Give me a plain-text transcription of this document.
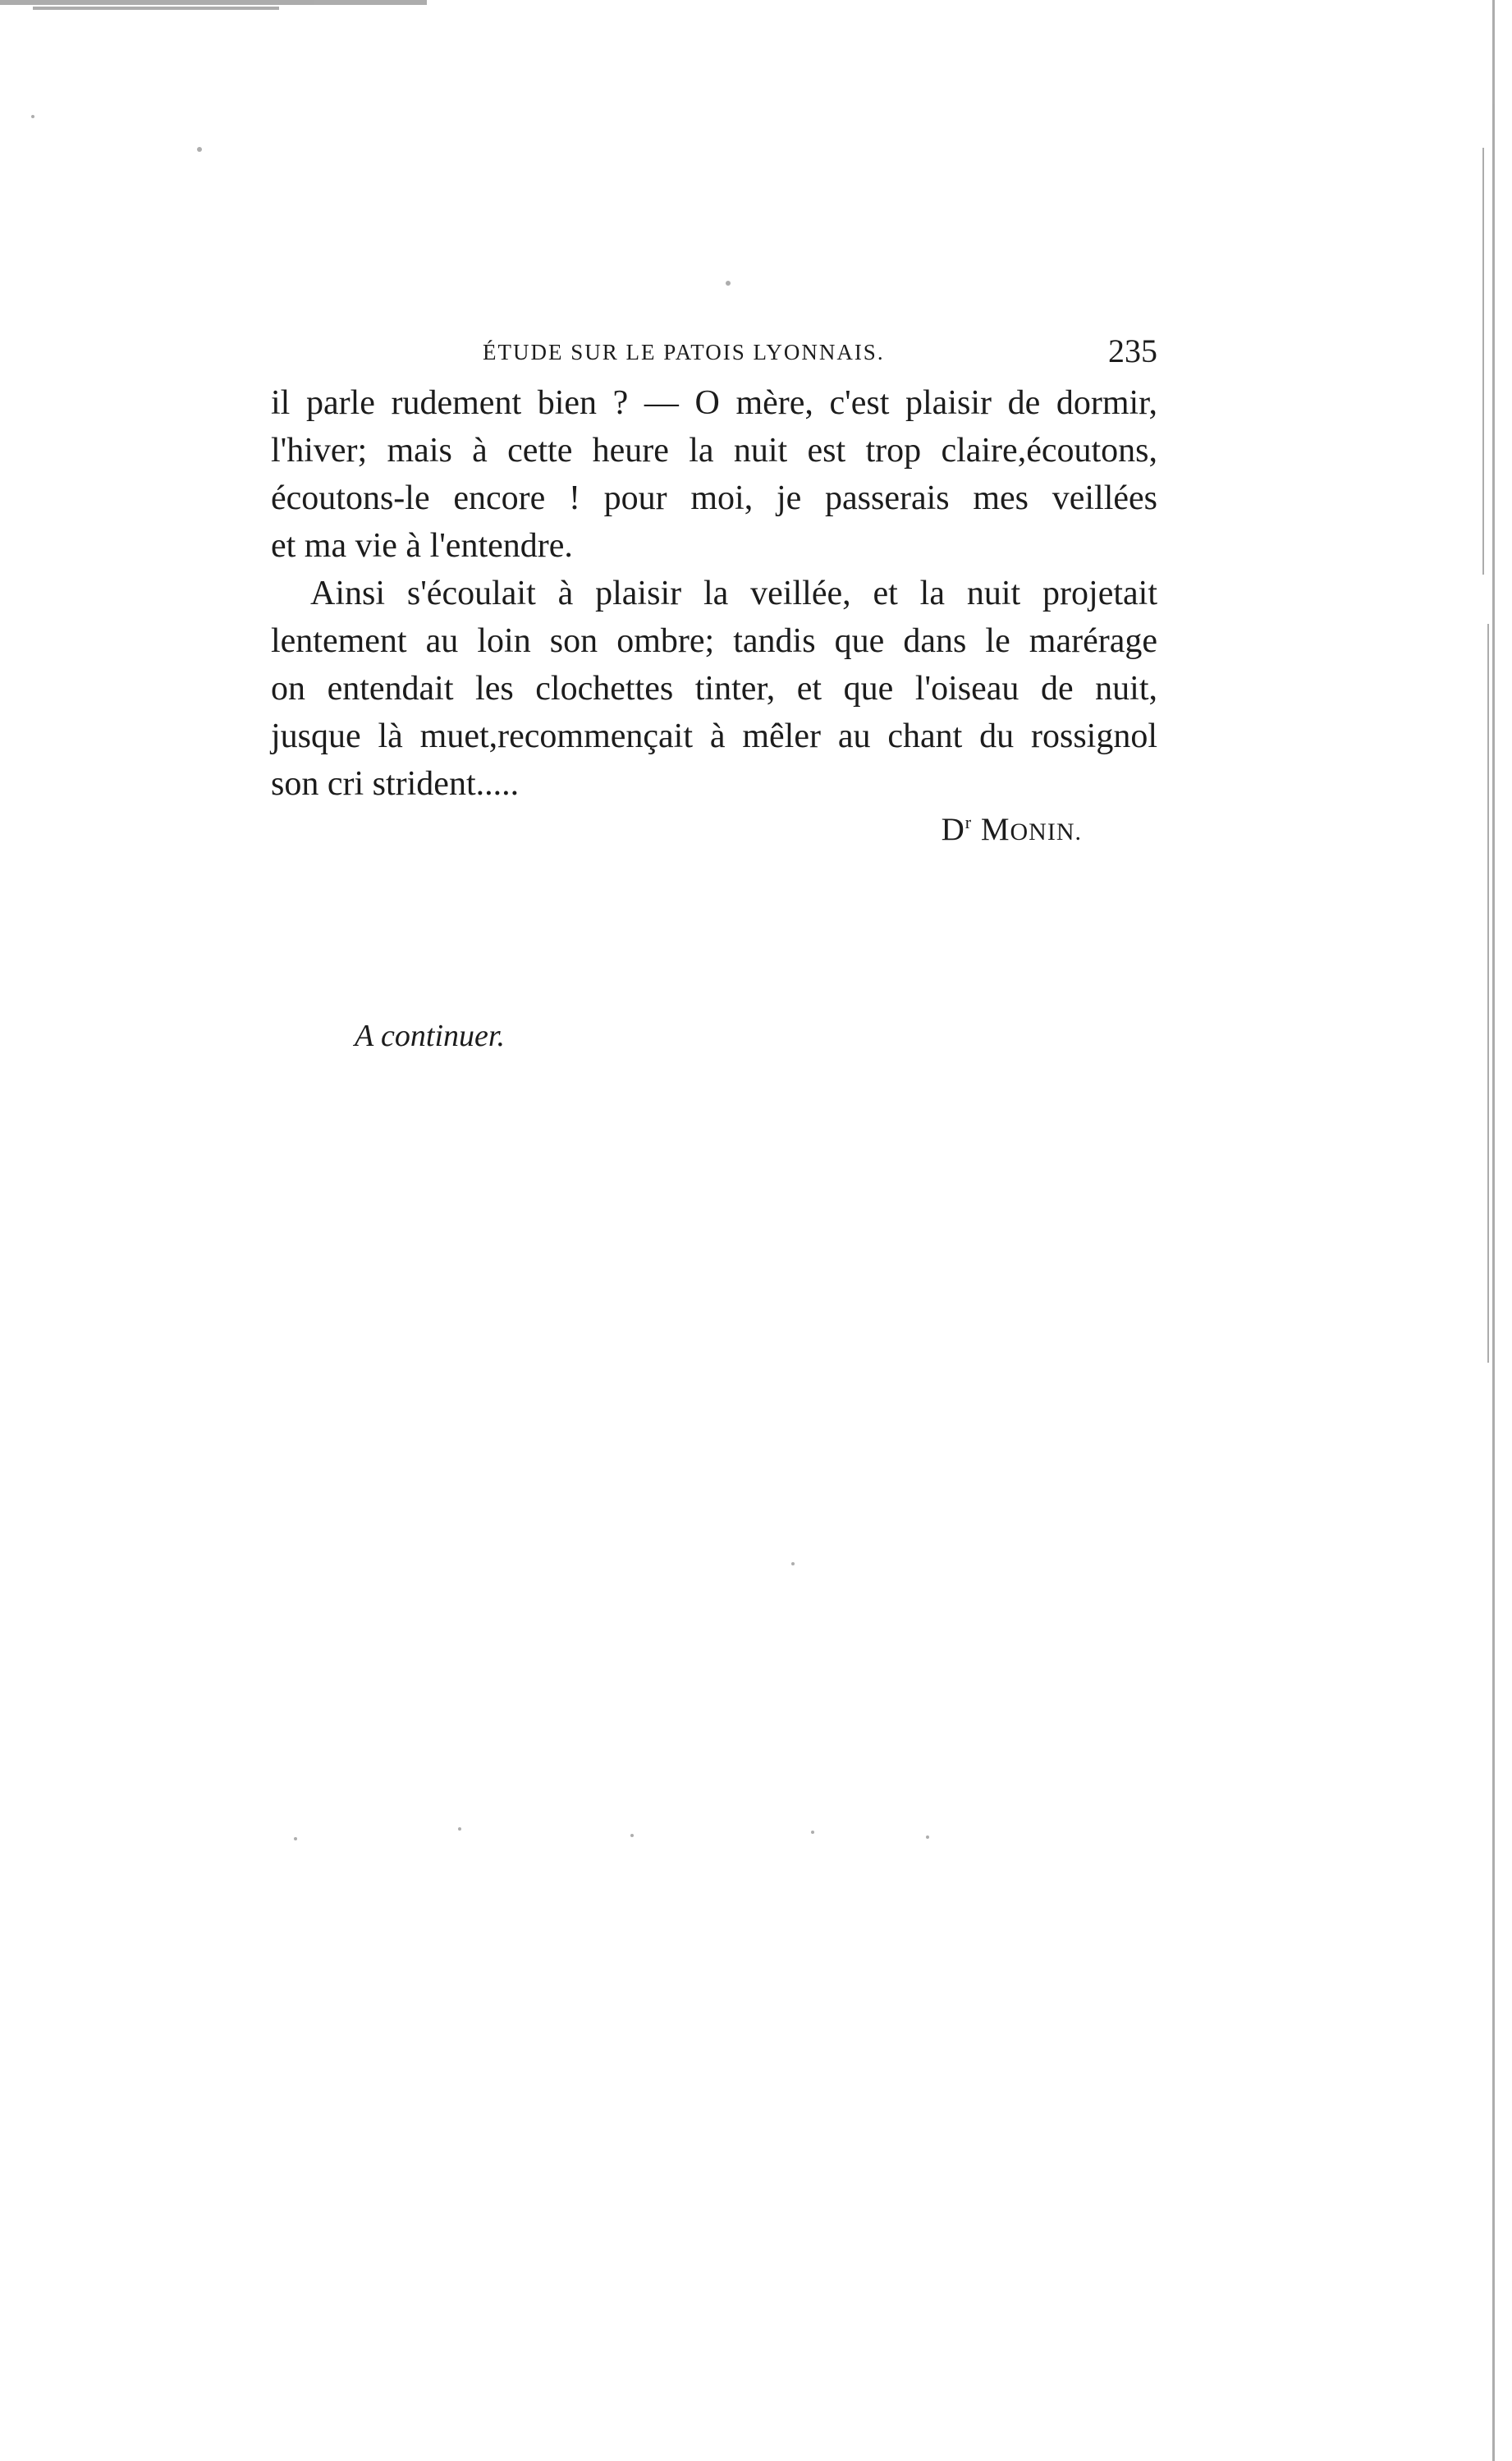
ÉTUDE SUR LE PATOIS LYONNAIS.	235
il parle rudement bien ? — O mère, c'est plaisir de dormir,
l'hiver; mais à cette heure la nuit est trop claire,écoutons,
écoutons-le encore ! pour moi, je passerais mes veillées
et ma vie à l'entendre.
Ainsi s'écoulait à plaisir la veillée, et la nuit projetait
lentement au loin son ombre; tandis que dans le marérage
on entendait les clochettes tinter, et que l'oiseau de nuit,
jusque là muet,recommençait à mêler au chant du rossignol
son cri strident.....
$D^r$ MONIN.
A continuer.
